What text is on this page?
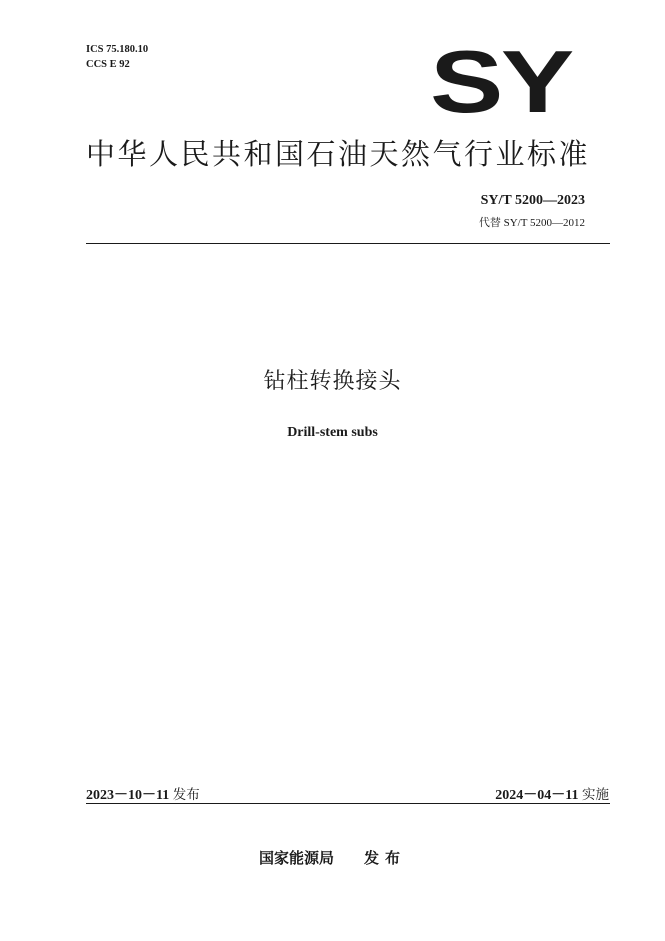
ICS 75.180.10
CCS E 92	SY
中华人民共和国石油天然气行业标准
SY/T 5200—2023
代替 SY/T 5200—2012
钻柱转换接头
Drill-stem subs
2023－10－11 发布	2024－04－11 实施
国家能源局 发布
